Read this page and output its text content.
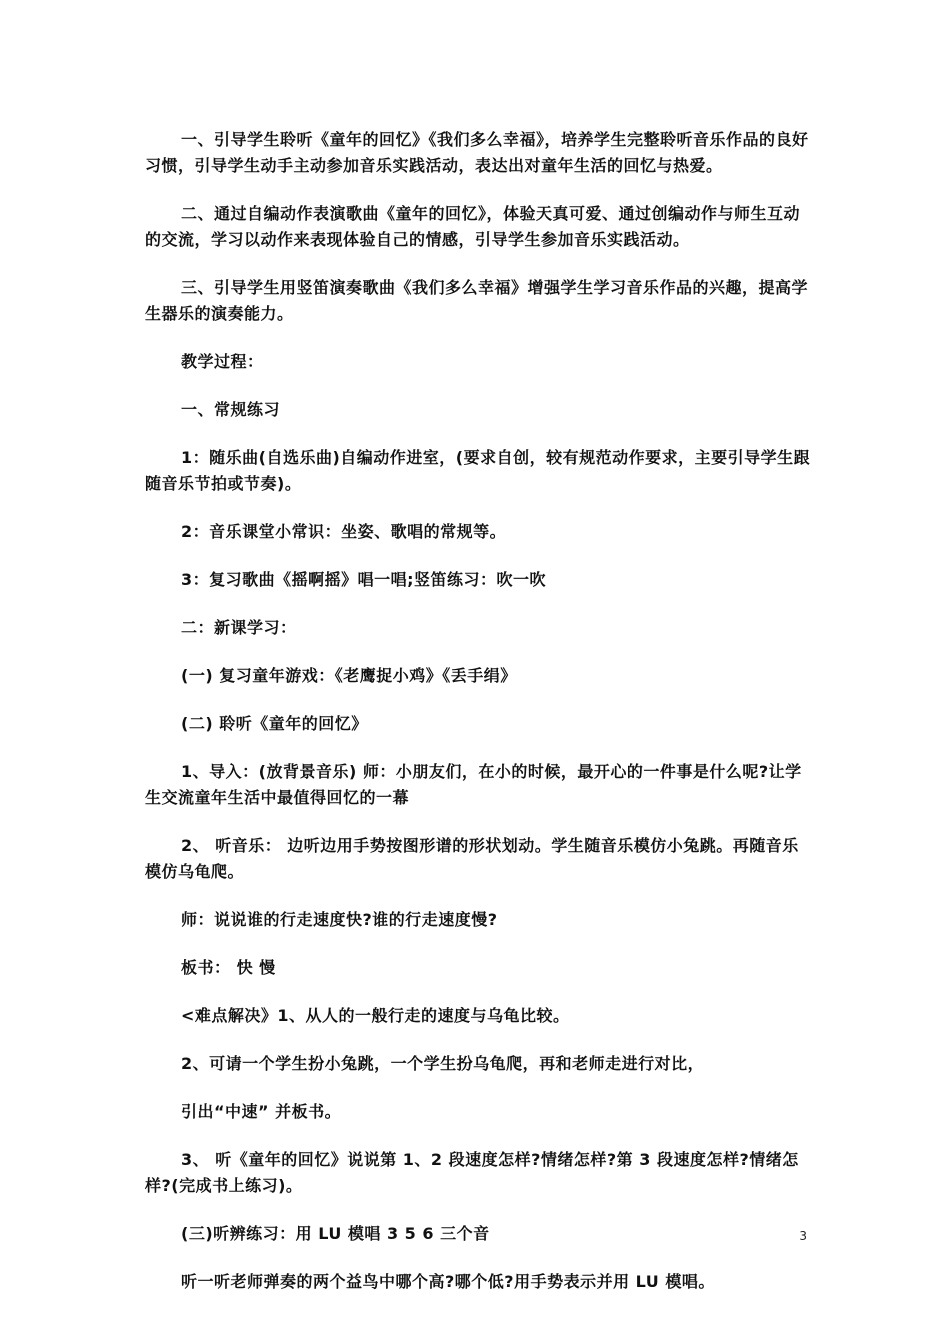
一、引导学生聆听《童年的回忆》《我们多么幸福》，培养学生完整聆听音乐作品的良好习惯，引导学生动手主动参加音乐实践活动，表达出对童年生活的回忆与热爱。

二、通过自编动作表演歌曲《童年的回忆》，体验天真可爱、通过创编动作与师生互动的交流，学习以动作来表现体验自己的情感，引导学生参加音乐实践活动。

三、引导学生用竖笛演奏歌曲《我们多么幸福》增强学生学习音乐作品的兴趣，提高学生器乐的演奏能力。

教学过程：

一、常规练习

1：随乐曲(自选乐曲)自编动作进室，(要求自创，较有规范动作要求，主要引导学生跟随音乐节拍或节奏)。

2：音乐课堂小常识：坐姿、歌唱的常规等。

3：复习歌曲《摇啊摇》唱一唱;竖笛练习：吹一吹

二：新课学习：

(一) 复习童年游戏：《老鹰捉小鸡》《丢手绢》

(二) 聆听《童年的回忆》

1、导入：(放背景音乐) 师：小朋友们，在小的时候，最开心的一件事是什么呢?让学生交流童年生活中最值得回忆的一幕

2、 听音乐： 边听边用手势按图形谱的形状划动。学生随音乐模仿小兔跳。再随音乐模仿乌龟爬。

师：说说谁的行走速度快?谁的行走速度慢?

板书： 快 慢

<难点解决》1、从人的一般行走的速度与乌龟比较。

2、可请一个学生扮小兔跳，一个学生扮乌龟爬，再和老师走进行对比，

引出“中速” 并板书。

3、 听《童年的回忆》说说第 1、2 段速度怎样?情绪怎样?第 3 段速度怎样?情绪怎样?(完成书上练习)。

(三)听辨练习：用 LU 模唱 3 5 6 三个音

听一听老师弹奏的两个益鸟中哪个高?哪个低?用手势表示并用 LU 模唱。

3
